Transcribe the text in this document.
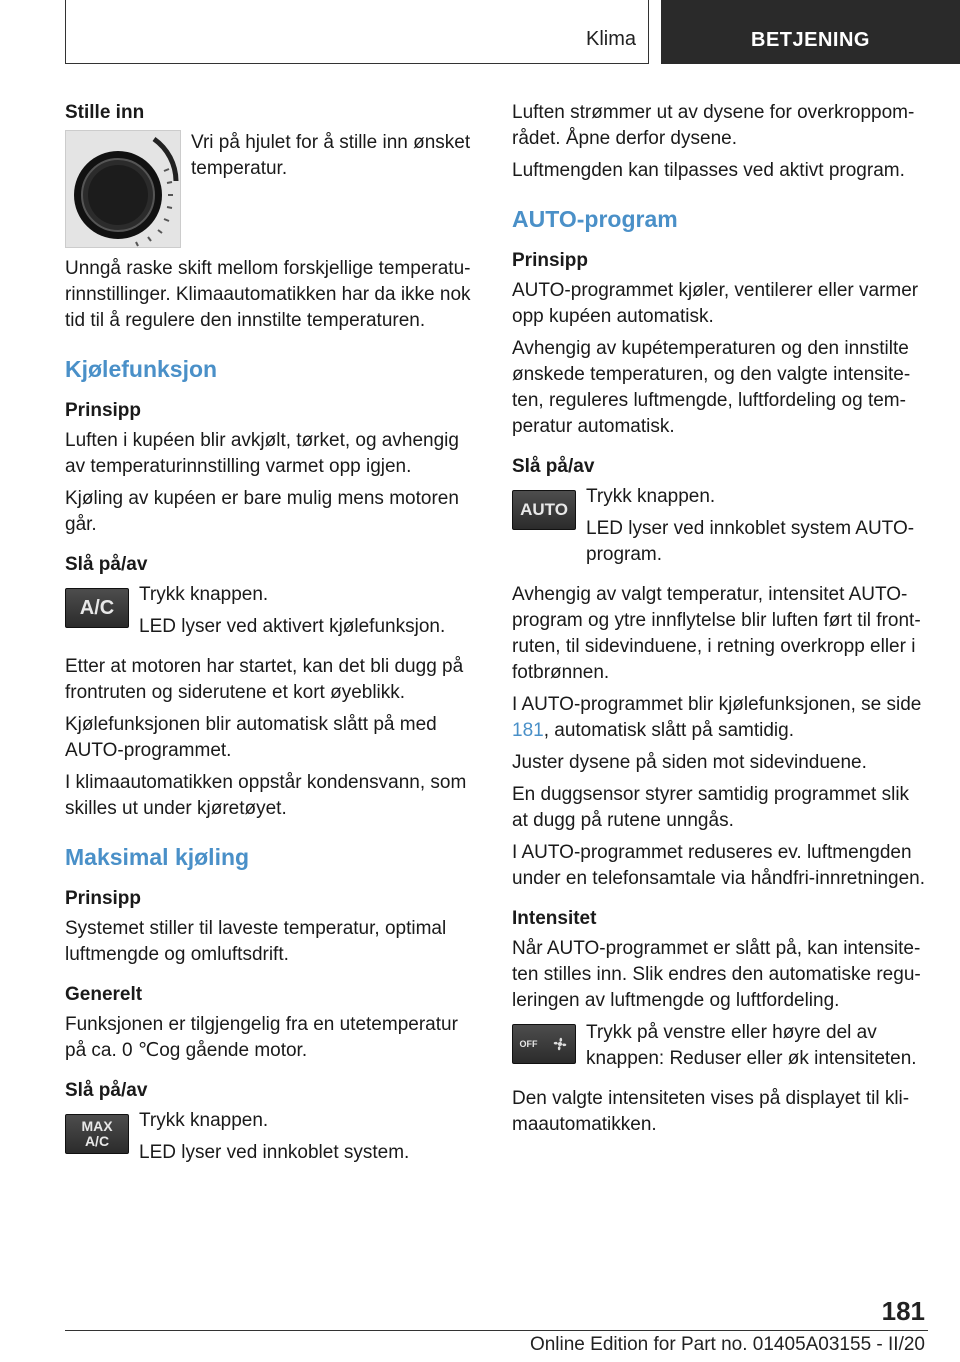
Klima	BETJENING
Stille inn

Vri på hjulet for å stille inn ønsket temperatur.

Unngå raske skift mellom forskjellige temperatu‐rinnstillinger. Klimaautomatikken har da ikke nok tid til å regulere den innstilte temperaturen.

Kjølefunksjon
Prinsipp

Luften i kupéen blir avkjølt, tørket, og avhengig av temperaturinnstilling varmet opp igjen.

Kjøling av kupéen er bare mulig mens motoren går.

Slå på/av
A/C

Trykk knappen.

LED lyser ved aktivert kjølefunksjon.

Etter at motoren har startet, kan det bli dugg på frontruten og siderutene et kort øyeblikk.

Kjølefunksjonen blir automatisk slått på med AUTO-programmet.

I klimaautomatikken oppstår kondensvann, som skilles ut under kjøretøyet.

Maksimal kjøling
Prinsipp

Systemet stiller til laveste temperatur, optimal luftmengde og omluftsdrift.

Generelt

Funksjonen er tilgjengelig fra en utetemperatur på ca. 0 ℃og gående motor.

Slå på/av
MAX
A/C

Trykk knappen.

LED lyser ved innkoblet system.

Luften strømmer ut av dysene for overkroppom‐rådet. Åpne derfor dysene.

Luftmengden kan tilpasses ved aktivt program.

AUTO-program
Prinsipp

AUTO-programmet kjøler, ventilerer eller varmer opp kupéen automatisk.

Avhengig av kupétemperaturen og den innstilte ønskede temperaturen, og den valgte intensite‐ten, reguleres luftmengde, luftfordeling og tem‐peratur automatisk.

Slå på/av
AUTO

Trykk knappen.

LED lyser ved innkoblet system AUTO-program.

Avhengig av valgt temperatur, intensitet AUTO-program og ytre innflytelse blir luften ført til front‐ruten, til sidevinduene, i retning overkropp eller i fotbrønnen.

I AUTO-programmet blir kjølefunksjonen, se side 181, automatisk slått på samtidig.

Juster dysene på siden mot sidevinduene.

En duggsensor styrer samtidig programmet slik at dugg på rutene unngås.

I AUTO-programmet reduseres ev. luftmengden under en telefonsamtale via håndfri-innretningen.

Intensitet

Når AUTO-programmet er slått på, kan intensite‐ten stilles inn. Slik endres den automatiske regu‐leringen av luftmengde og luftfordeling.

OFF

Trykk på venstre eller høyre del av knappen: Reduser eller øk intensiteten.

Den valgte intensiteten vises på displayet til kli‐maautomatikken.

181
Online Edition for Part no. 01405A03155 - II/20
